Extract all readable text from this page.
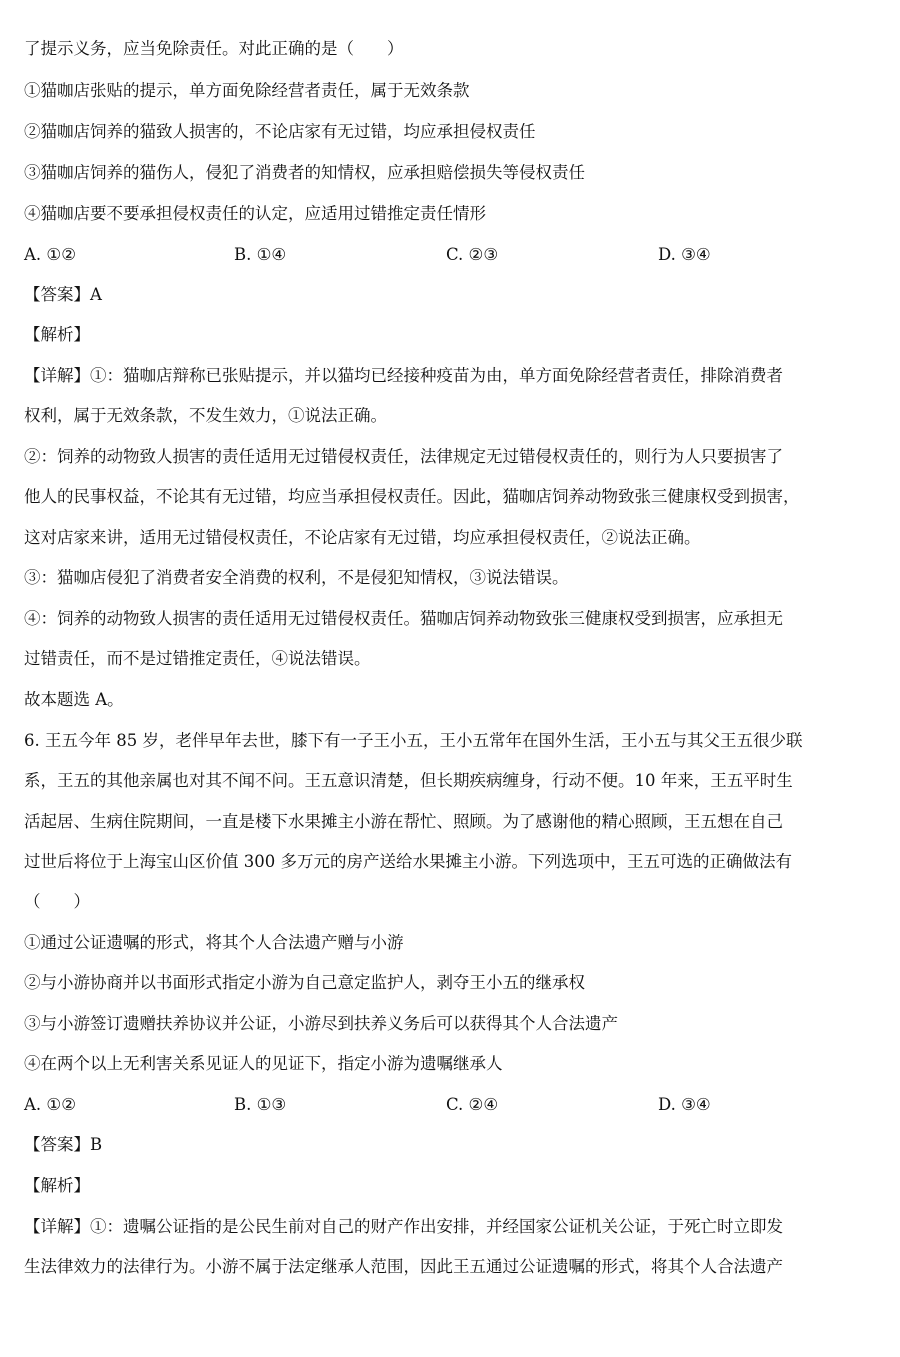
了提示义务，应当免除责任。对此正确的是（　　）
①猫咖店张贴的提示，单方面免除经营者责任，属于无效条款
②猫咖店饲养的猫致人损害的，不论店家有无过错，均应承担侵权责任
③猫咖店饲养的猫伤人，侵犯了消费者的知情权，应承担赔偿损失等侵权责任
④猫咖店要不要承担侵权责任的认定，应适用过错推定责任情形
A. ①②	B. ①④	C. ②③	D. ③④
【答案】A
【解析】
【详解】①：猫咖店辩称已张贴提示，并以猫均已经接种疫苗为由，单方面免除经营者责任，排除消费者
权利，属于无效条款，不发生效力，①说法正确。
②：饲养的动物致人损害的责任适用无过错侵权责任，法律规定无过错侵权责任的，则行为人只要损害了
他人的民事权益，不论其有无过错，均应当承担侵权责任。因此，猫咖店饲养动物致张三健康权受到损害，
这对店家来讲，适用无过错侵权责任，不论店家有无过错，均应承担侵权责任，②说法正确。
③：猫咖店侵犯了消费者安全消费的权利，不是侵犯知情权，③说法错误。
④：饲养的动物致人损害的责任适用无过错侵权责任。猫咖店饲养动物致张三健康权受到损害，应承担无
过错责任，而不是过错推定责任，④说法错误。
故本题选 A。
6. 王五今年 85 岁，老伴早年去世，膝下有一子王小五，王小五常年在国外生活，王小五与其父王五很少联
系，王五的其他亲属也对其不闻不问。王五意识清楚，但长期疾病缠身，行动不便。10 年来，王五平时生
活起居、生病住院期间，一直是楼下水果摊主小游在帮忙、照顾。为了感谢他的精心照顾，王五想在自己
过世后将位于上海宝山区价值 300 多万元的房产送给水果摊主小游。下列选项中，王五可选的正确做法有
（　　）
①通过公证遗嘱的形式，将其个人合法遗产赠与小游
②与小游协商并以书面形式指定小游为自己意定监护人，剥夺王小五的继承权
③与小游签订遗赠扶养协议并公证，小游尽到扶养义务后可以获得其个人合法遗产
④在两个以上无利害关系见证人的见证下，指定小游为遗嘱继承人
A. ①②	B. ①③	C. ②④	D. ③④
【答案】B
【解析】
【详解】①：遗嘱公证指的是公民生前对自己的财产作出安排，并经国家公证机关公证，于死亡时立即发
生法律效力的法律行为。小游不属于法定继承人范围，因此王五通过公证遗嘱的形式，将其个人合法遗产
